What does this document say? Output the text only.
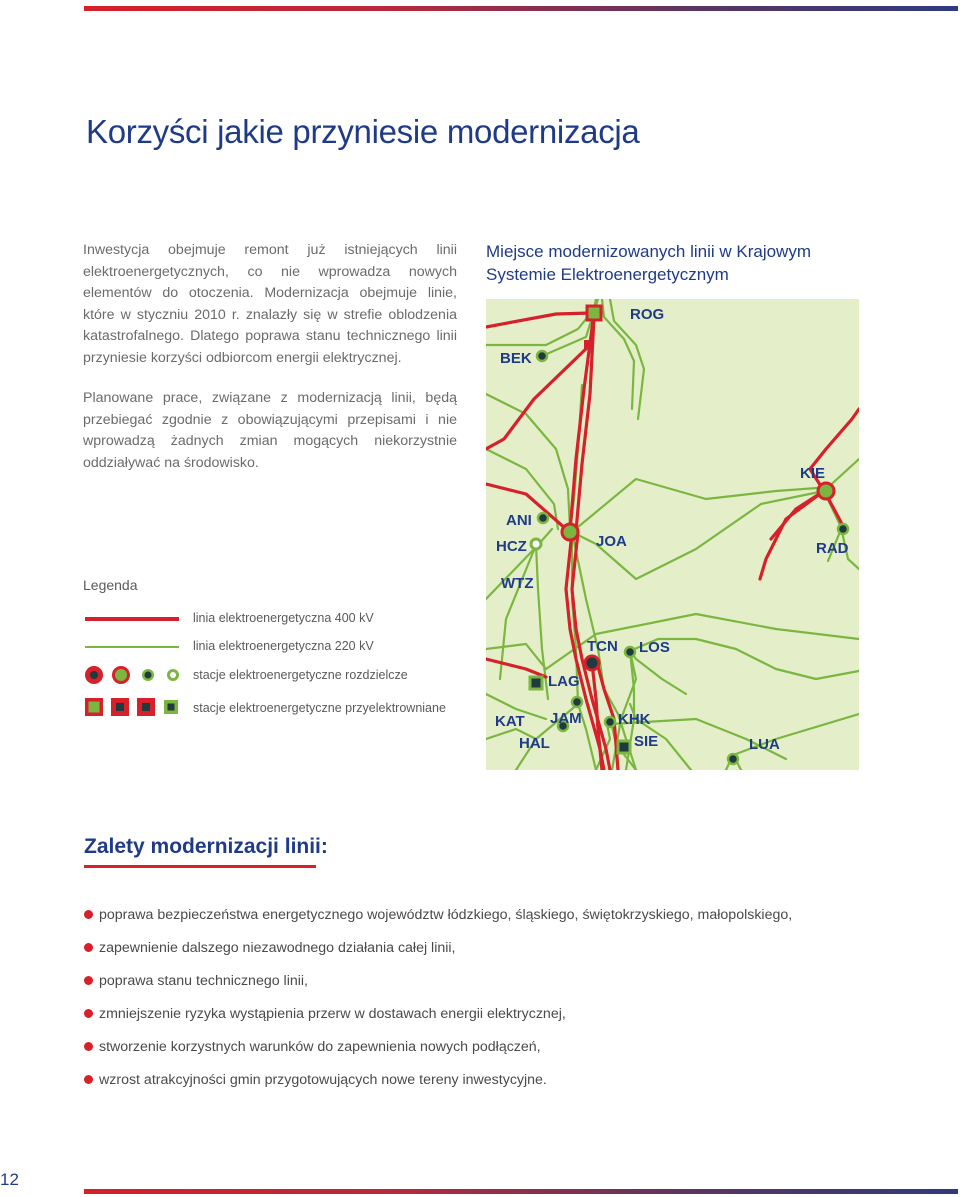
Korzyści jakie przyniesie modernizacja

Inwestycja obejmuje remont już istniejących linii elektroenergetycznych, co nie wprowadza nowych elementów do otoczenia. Modernizacja obejmuje linie, które w styczniu 2010 r. znalazły się w strefie oblodzenia katastrofalnego. Dlatego poprawa stanu technicznego linii przyniesie korzyści odbiorcom energii elektrycznej.

Planowane prace, związane z modernizacją linii, będą przebiegać zgodnie z obowiązującymi przepisami i nie wprowadzą żadnych zmian mogących niekorzystnie oddziaływać na środowisko.

Miejsce modernizowanych linii w Krajowym Systemie Elektroenergetycznym

ROG
BEK
KIE
ANI
HCZ	JOA	RAD
WTZ
TCN LOS
LAG
KAT JAM KHK
HAL	SIE	LUA
Legenda
linia elektroenergetyczna 400 kV
linia elektroenergetyczna 220 kV
stacje elektroenergetyczne rozdzielcze
stacje elektroenergetyczne przyelektrowniane
Zalety modernizacji linii:
poprawa bezpieczeństwa energetycznego województw łódzkiego, śląskiego, świętokrzyskiego, małopolskiego,
zapewnienie dalszego niezawodnego działania całej linii,
poprawa stanu technicznego linii,
zmniejszenie ryzyka wystąpienia przerw w dostawach energii elektrycznej,
stworzenie korzystnych warunków do zapewnienia nowych podłączeń,
wzrost atrakcyjności gmin przygotowujących nowe tereny inwestycyjne.
12
